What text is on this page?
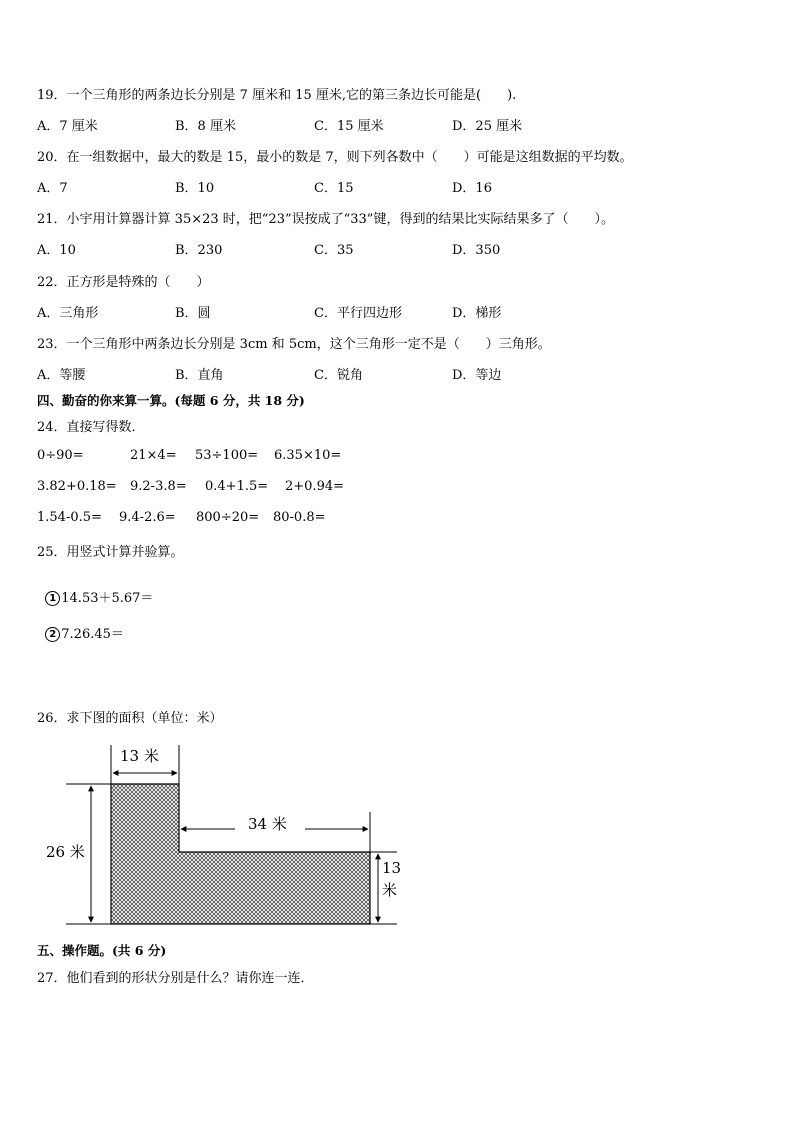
19．一个三角形的两条边长分别是 7 厘米和 15 厘米,它的第三条边长可能是(　　).
A．7 厘米	B．8 厘米	C．15 厘米	D．25 厘米
20．在一组数据中，最大的数是 15，最小的数是 7，则下列各数中（　　）可能是这组数据的平均数。
A．7	B．10	C．15	D．16
21．小宇用计算器计算 35×23 时，把“23”误按成了“33”键，得到的结果比实际结果多了（　　）。
A．10	B．230	C．35	D．350
22．正方形是特殊的（　　）
A．三角形	B．圆	C．平行四边形	D．梯形
23．一个三角形中两条边长分别是 3cm 和 5cm，这个三角形一定不是（　　）三角形。
A．等腰	B．直角	C．锐角	D．等边
四、勤奋的你来算一算。(每题 6 分，共 18 分)
24．直接写得数．
0÷90=	21×4= 53÷100= 6.35×10=
3.82+0.18= 9.2-3.8= 0.4+1.5= 2+0.94=
1.54-0.5= 9.4-2.6= 800÷20= 80-0.8=
25．用竖式计算并验算。

1 14.53＋5.67＝

2 7.26.45＝

26．求下图的面积（单位：米）
13 米
26 米
34 米
13
米
五、操作题。(共 6 分)
27．他们看到的形状分别是什么？请你连一连．
